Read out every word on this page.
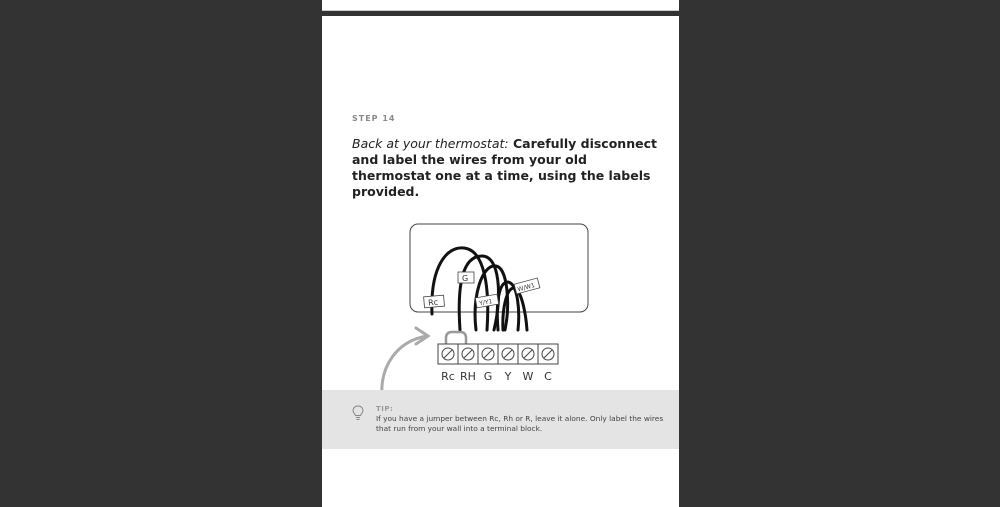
STEP 14
Back at your thermostat: Carefully disconnect and label the wires from your old thermostat one at a time, using the labels provided.
Rc
G
Y/Y1
W/W1
Rc RH G Y W C
TIP:
If you have a jumper between Rc, Rh or R, leave it alone. Only label the wires that run from your wall into a terminal block.
